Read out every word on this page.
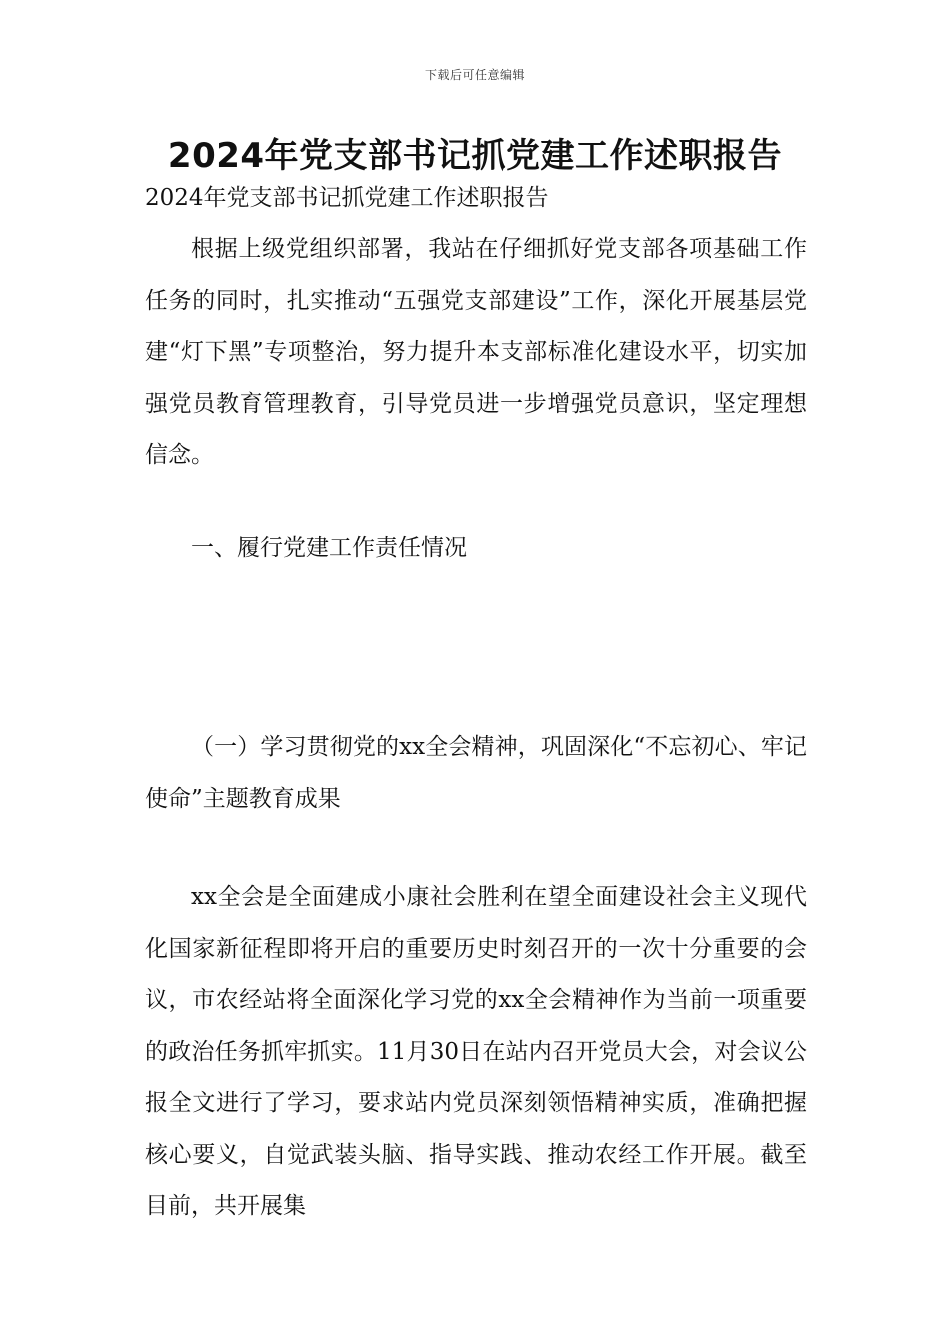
下载后可任意编辑
2024年党支部书记抓党建工作述职报告

2024年党支部书记抓党建工作述职报告

根据上级党组织部署，我站在仔细抓好党支部各项基础工作任务的同时，扎实推动“五强党支部建设”工作，深化开展基层党建“灯下黑”专项整治，努力提升本支部标准化建设水平，切实加强党员教育管理教育，引导党员进一步增强党员意识，坚定理想信念。

一、履行党建工作责任情况

（一）学习贯彻党的xx全会精神，巩固深化“不忘初心、牢记使命”主题教育成果

xx全会是全面建成小康社会胜利在望全面建设社会主义现代化国家新征程即将开启的重要历史时刻召开的一次十分重要的会议，市农经站将全面深化学习党的xx全会精神作为当前一项重要的政治任务抓牢抓实。11月30日在站内召开党员大会，对会议公报全文进行了学习，要求站内党员深刻领悟精神实质，准确把握核心要义，自觉武装头脑、指导实践、推动农经工作开展。截至目前，共开展集
